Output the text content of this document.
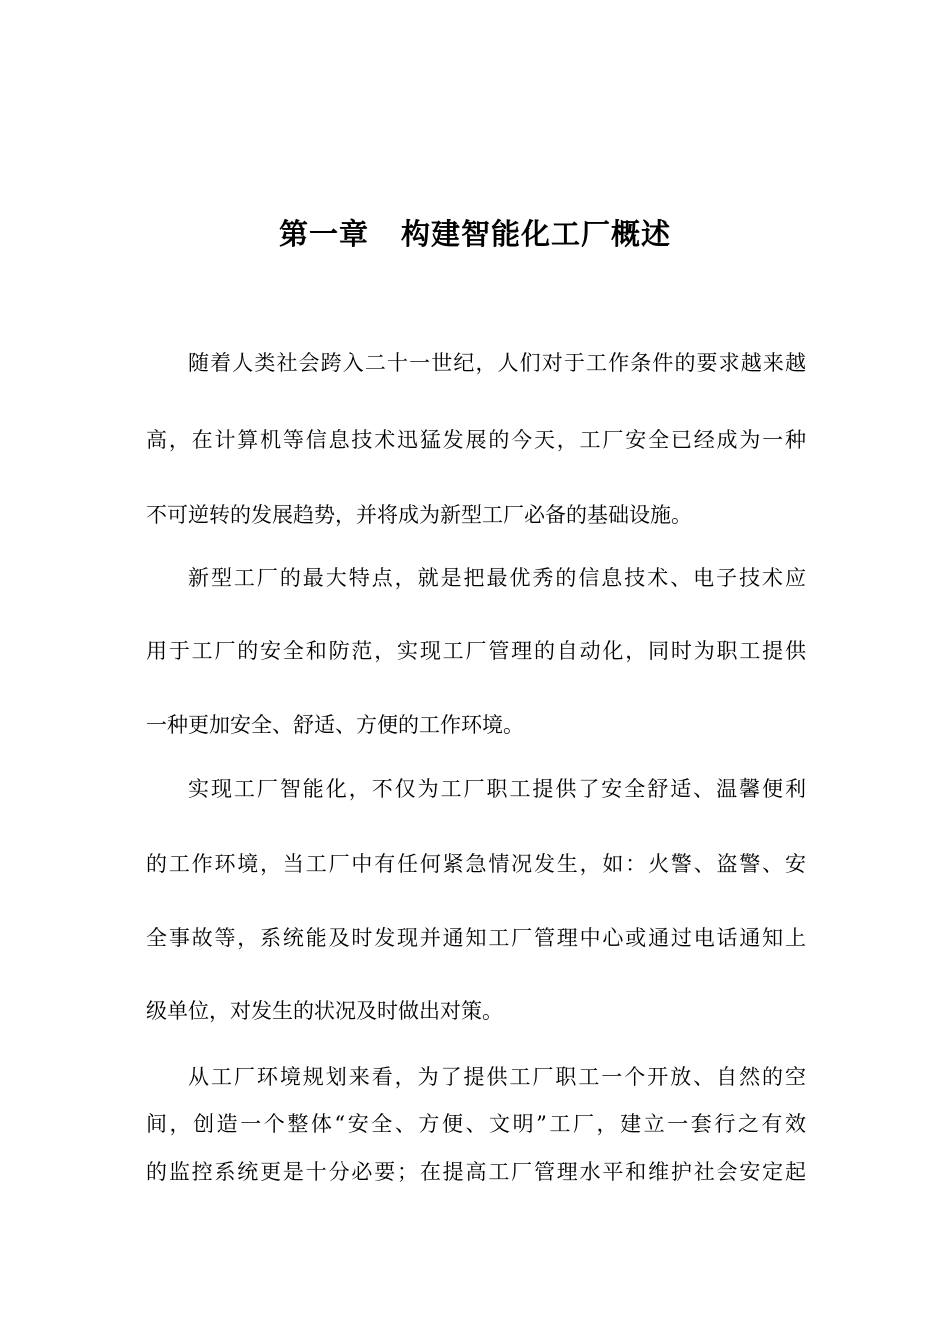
第一章 构建智能化工厂概述

随着人类社会跨入二十一世纪，人们对于工作条件的要求越来越

高，在计算机等信息技术迅猛发展的今天，工厂安全已经成为一种

不可逆转的发展趋势，并将成为新型工厂必备的基础设施。

新型工厂的最大特点，就是把最优秀的信息技术、电子技术应

用于工厂的安全和防范，实现工厂管理的自动化，同时为职工提供

一种更加安全、舒适、方便的工作环境。

实现工厂智能化，不仅为工厂职工提供了安全舒适、温馨便利

的工作环境，当工厂中有任何紧急情况发生，如：火警、盗警、安

全事故等，系统能及时发现并通知工厂管理中心或通过电话通知上

级单位，对发生的状况及时做出对策。

从工厂环境规划来看，为了提供工厂职工一个开放、自然的空

间，创造一个整体“安全、方便、文明”工厂，建立一套行之有效

的监控系统更是十分必要；在提高工厂管理水平和维护社会安定起
